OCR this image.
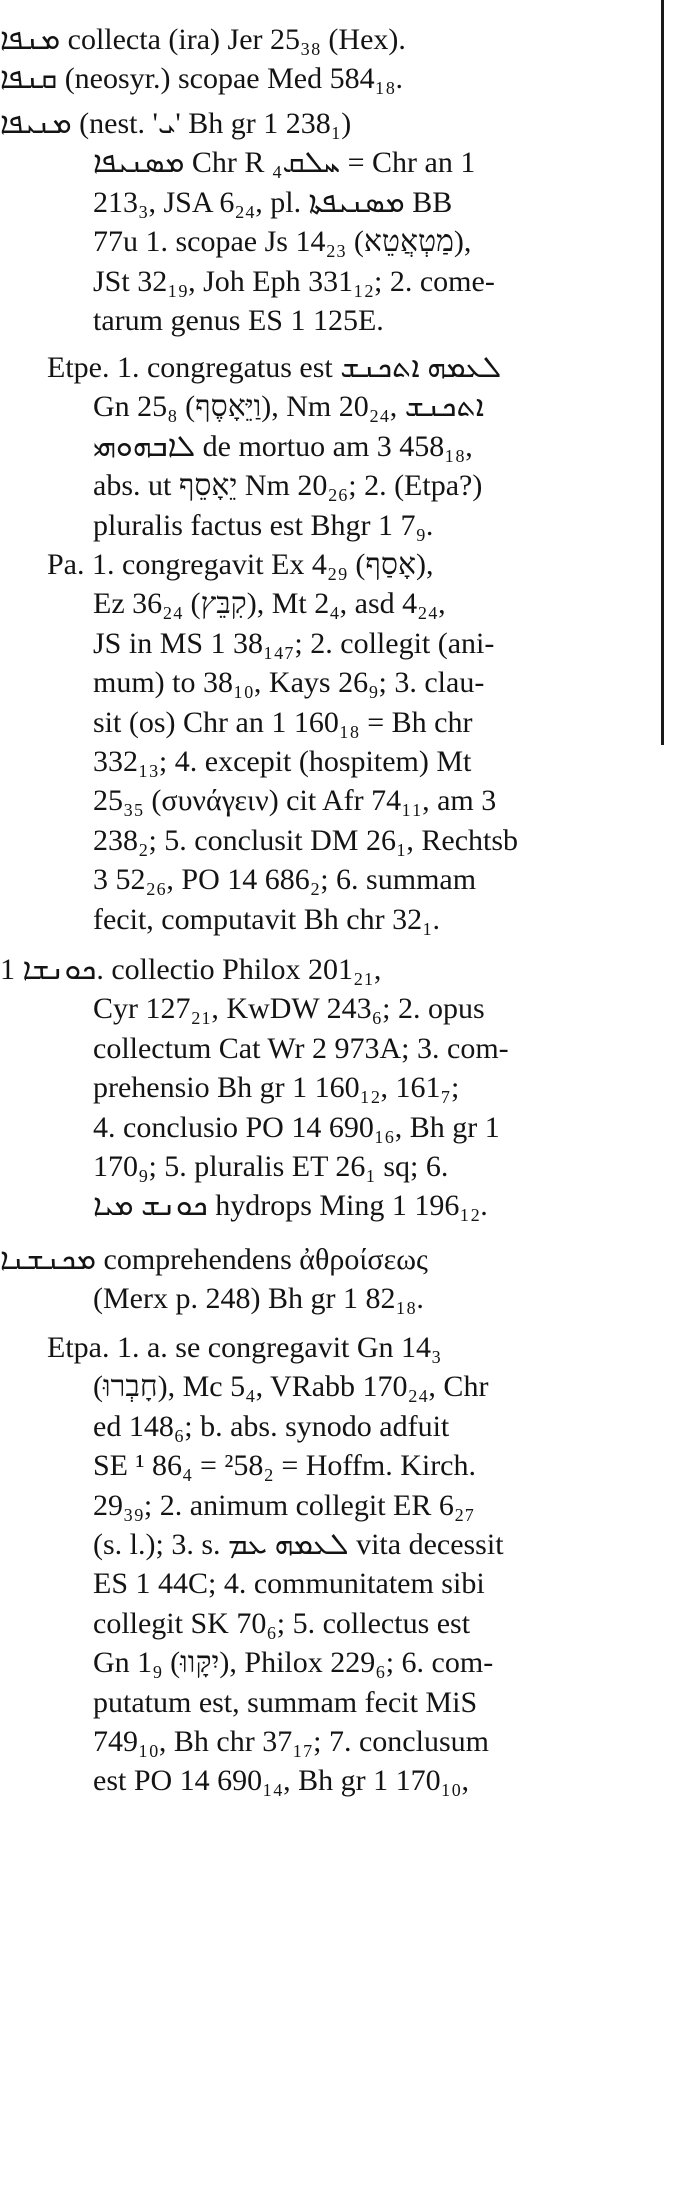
ܡܢܦܐ collecta (ira) Jer 25₃₈ (Hex).
ܩܢܦܐ (neosyr.) scopae Med 584₁₈.
ܡܢܝܦܐ (nest. 'ܝ' Bh gr 1 238₁)
ܡܣܢܝܦܐ Chr R ܚܠܩ₄ = Chr an 1
213₃, JSA 6₂₄, pl. ܡܣܢܝܦܬܐ BB
77u 1. scopae Js 14₂₃ (מַטְאֲטֵא),
JSt 32₁₉, Joh Eph 331₁₂; 2. come-
tarum genus ES 1 125E.
Etpe. 1. congregatus est ܠܥܡܗ ܐܬܟܢܫ
Gn 25₈ (וַיֵּאָסֶף), Nm 20₂₄, ܐܬܟܢܫ
ܠܐܒܗܘܗܝ de mortuo am 3 458₁₈,
abs. ut יֵאָסֵף Nm 20₂₆; 2. (Etpa?)
pluralis factus est Bhgr 1 7₉.
Pa. 1. congregavit Ex 4₂₉ (אָסַף),
Ez 36₂₄ (קִבֵּץ), Mt 2₄, asd 4₂₄,
JS in MS 1 38₁₄₇; 2. collegit (ani-
mum) to 38₁₀, Kays 26₉; 3. clau-
sit (os) Chr an 1 160₁₈ = Bh chr
332₁₃; 4. excepit (hospitem) Mt
25₃₅ (συνάγειν) cit Afr 74₁₁, am 3
238₂; 5. conclusit DM 26₁, Rechtsb
3 52₂₆, PO 14 686₂; 6. summam
fecit, computavit Bh chr 32₁.
ܟܘܢܫܐ 1. collectio Philox 201₂₁,
Cyr 127₂₁, KwDW 243₆; 2. opus
collectum Cat Wr 2 973A; 3. com-
prehensio Bh gr 1 160₁₂, 161₇;
4. conclusio PO 14 690₁₆, Bh gr 1
170₉; 5. pluralis ET 26₁ sq; 6.
ܟܘܢܫ ܡܝܐ hydrops Ming 1 196₁₂.
ܡܟܢܫܢܐ comprehendens ἀθροίσεως
(Merx p. 248) Bh gr 1 82₁₈.
Etpa. 1. a. se congregavit Gn 14₃
(חָבְרוּ), Mc 5₄, VRabb 170₂₄, Chr
ed 148₆; b. abs. synodo adfuit
SE ¹ 86₄ = ²58₂ = Hoffm. Kirch.
29₃₉; 2. animum collegit ER 6₂₇
(s. l.); 3. s. ܠܥܡܗ ܥܡ vita decessit
ES 1 44C; 4. communitatem sibi
collegit SK 70₆; 5. collectus est
Gn 1₉ (יִקָּווּ), Philox 229₆; 6. com-
putatum est, summam fecit MiS
749₁₀, Bh chr 37₁₇; 7. conclusum
est PO 14 690₁₄, Bh gr 1 170₁₀,
